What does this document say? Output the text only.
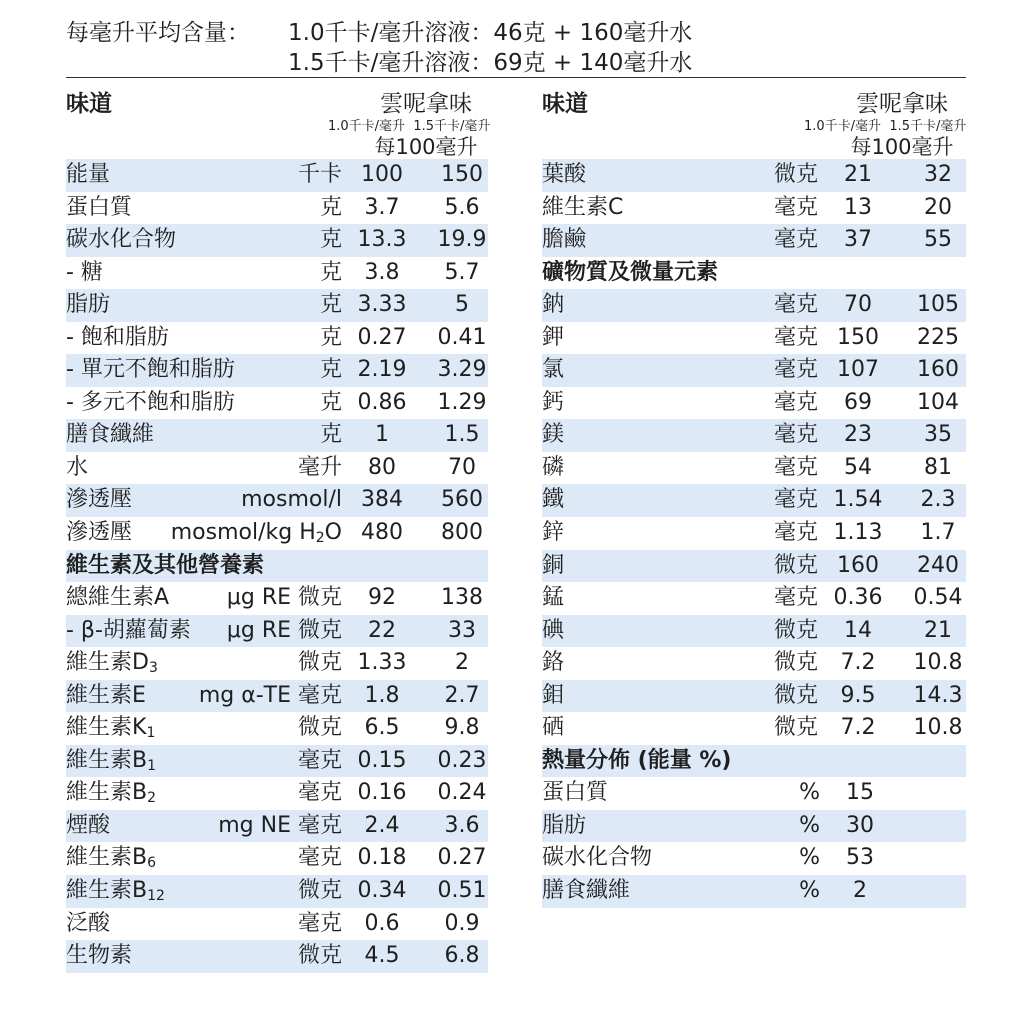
每毫升平均含量： 1.0千卡/毫升溶液：46克 + 160毫升水
1.5千卡/毫升溶液：69克 + 140毫升水
味道	雲呢拿味
1.0千卡/毫升 1.5千卡/毫升
每100毫升
能量	千卡 100	150
蛋白質	克	3.7	5.6
碳水化合物	克 13.3	19.9
- 糖	克	3.8	5.7
脂肪	克 3.33	5
- 飽和脂肪	克 0.27	0.41
- 單元不飽和脂肪	克 2.19	3.29
- 多元不飽和脂肪	克 0.86	1.29
膳食纖維	克	1	1.5
水	毫升	80	70
滲透壓	mosmol/l 384	560
滲透壓 mosmol/kg $H_2O$ 480	800
維生素及其他營養素
總維生素A	μg RE 微克	92	138
- β-胡蘿蔔素 μg RE 微克	22	33
維生素$D_3$	微克 1.33	2
維生素E mg α-TE 毫克	1.8	2.7
維生素$K_1$	微克	6.5	9.8
維生素$B_1$	毫克 0.15	0.23
維生素$B_2$	毫克 0.16	0.24
煙酸	mg NE 毫克	2.4	3.6
維生素$B_6$	毫克 0.18	0.27
維生素$B_{12}$	微克 0.34	0.51
泛酸	毫克	0.6	0.9
生物素	微克	4.5	6.8
味道	雲呢拿味
1.0千卡/毫升 1.5千卡/毫升
每100毫升
葉酸	微克	21	32
維生素C	毫克	13	20
膽鹼	毫克	37	55
礦物質及微量元素
鈉	毫克	70	105
鉀	毫克 150	225
氯	毫克 107	160
鈣	毫克	69	104
鎂	毫克	23	35
磷	毫克	54	81
鐵	毫克 1.54	2.3
鋅	毫克 1.13	1.7
銅	微克 160	240
錳	毫克 0.36	0.54
碘	微克	14	21
鉻	微克	7.2	10.8
鉬	微克	9.5	14.3
硒	微克	7.2	10.8
熱量分佈 (能量 %)
蛋白質	%	15
脂肪	%	30
碳水化合物	%	53
膳食纖維	%	2
